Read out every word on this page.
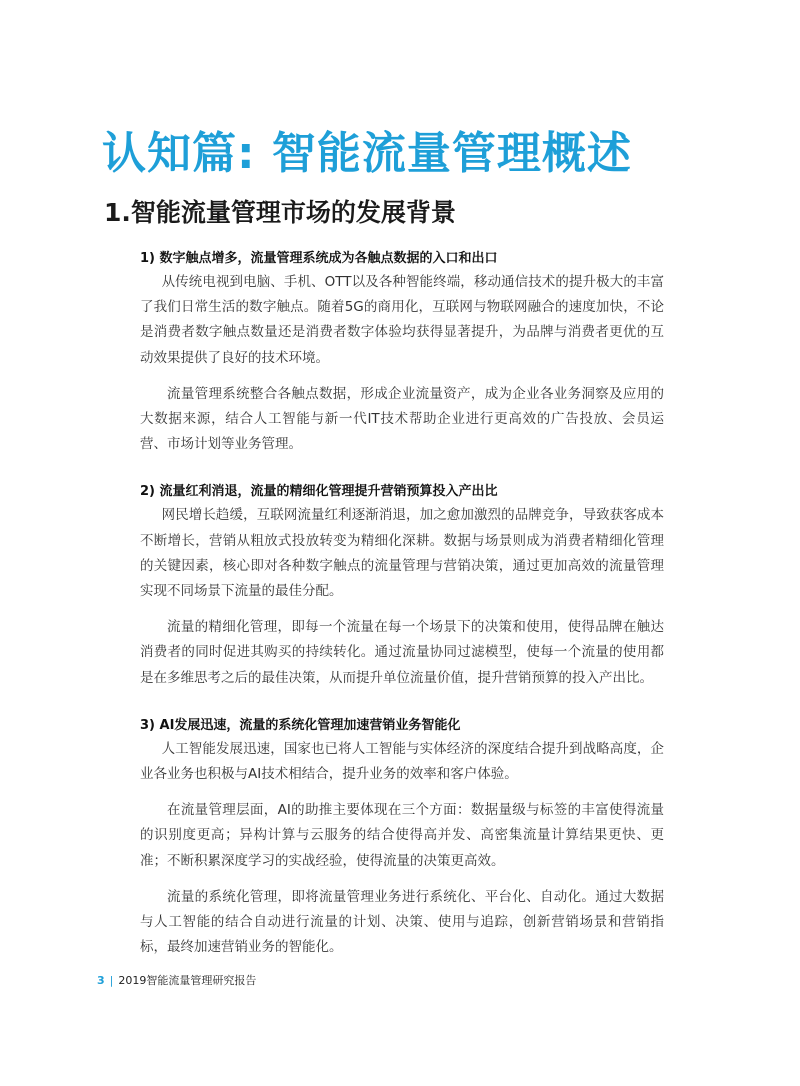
认知篇: 智能流量管理概述
1.智能流量管理市场的发展背景

1) 数字触点增多，流量管理系统成为各触点数据的入口和出口

从传统电视到电脑、手机、OTT以及各种智能终端，移动通信技术的提升极大的丰富了我们日常生活的数字触点。随着5G的商用化，互联网与物联网融合的速度加快，不论是消费者数字触点数量还是消费者数字体验均获得显著提升，为品牌与消费者更优的互动效果提供了良好的技术环境。

流量管理系统整合各触点数据，形成企业流量资产，成为企业各业务洞察及应用的大数据来源，结合人工智能与新一代IT技术帮助企业进行更高效的广告投放、会员运营、市场计划等业务管理。

2) 流量红利消退，流量的精细化管理提升营销预算投入产出比

网民增长趋缓，互联网流量红利逐渐消退，加之愈加激烈的品牌竞争，导致获客成本不断增长，营销从粗放式投放转变为精细化深耕。数据与场景则成为消费者精细化管理的关键因素，核心即对各种数字触点的流量管理与营销决策，通过更加高效的流量管理实现不同场景下流量的最佳分配。

流量的精细化管理，即每一个流量在每一个场景下的决策和使用，使得品牌在触达消费者的同时促进其购买的持续转化。通过流量协同过滤模型，使每一个流量的使用都是在多维思考之后的最佳决策，从而提升单位流量价值，提升营销预算的投入产出比。

3) AI发展迅速，流量的系统化管理加速营销业务智能化

人工智能发展迅速，国家也已将人工智能与实体经济的深度结合提升到战略高度，企业各业务也积极与AI技术相结合，提升业务的效率和客户体验。

在流量管理层面，AI的助推主要体现在三个方面：数据量级与标签的丰富使得流量的识别度更高；异构计算与云服务的结合使得高并发、高密集流量计算结果更快、更准；不断积累深度学习的实战经验，使得流量的决策更高效。

流量的系统化管理，即将流量管理业务进行系统化、平台化、自动化。通过大数据与人工智能的结合自动进行流量的计划、决策、使用与追踪，创新营销场景和营销指标，最终加速营销业务的智能化。

3 | 2019智能流量管理研究报告
